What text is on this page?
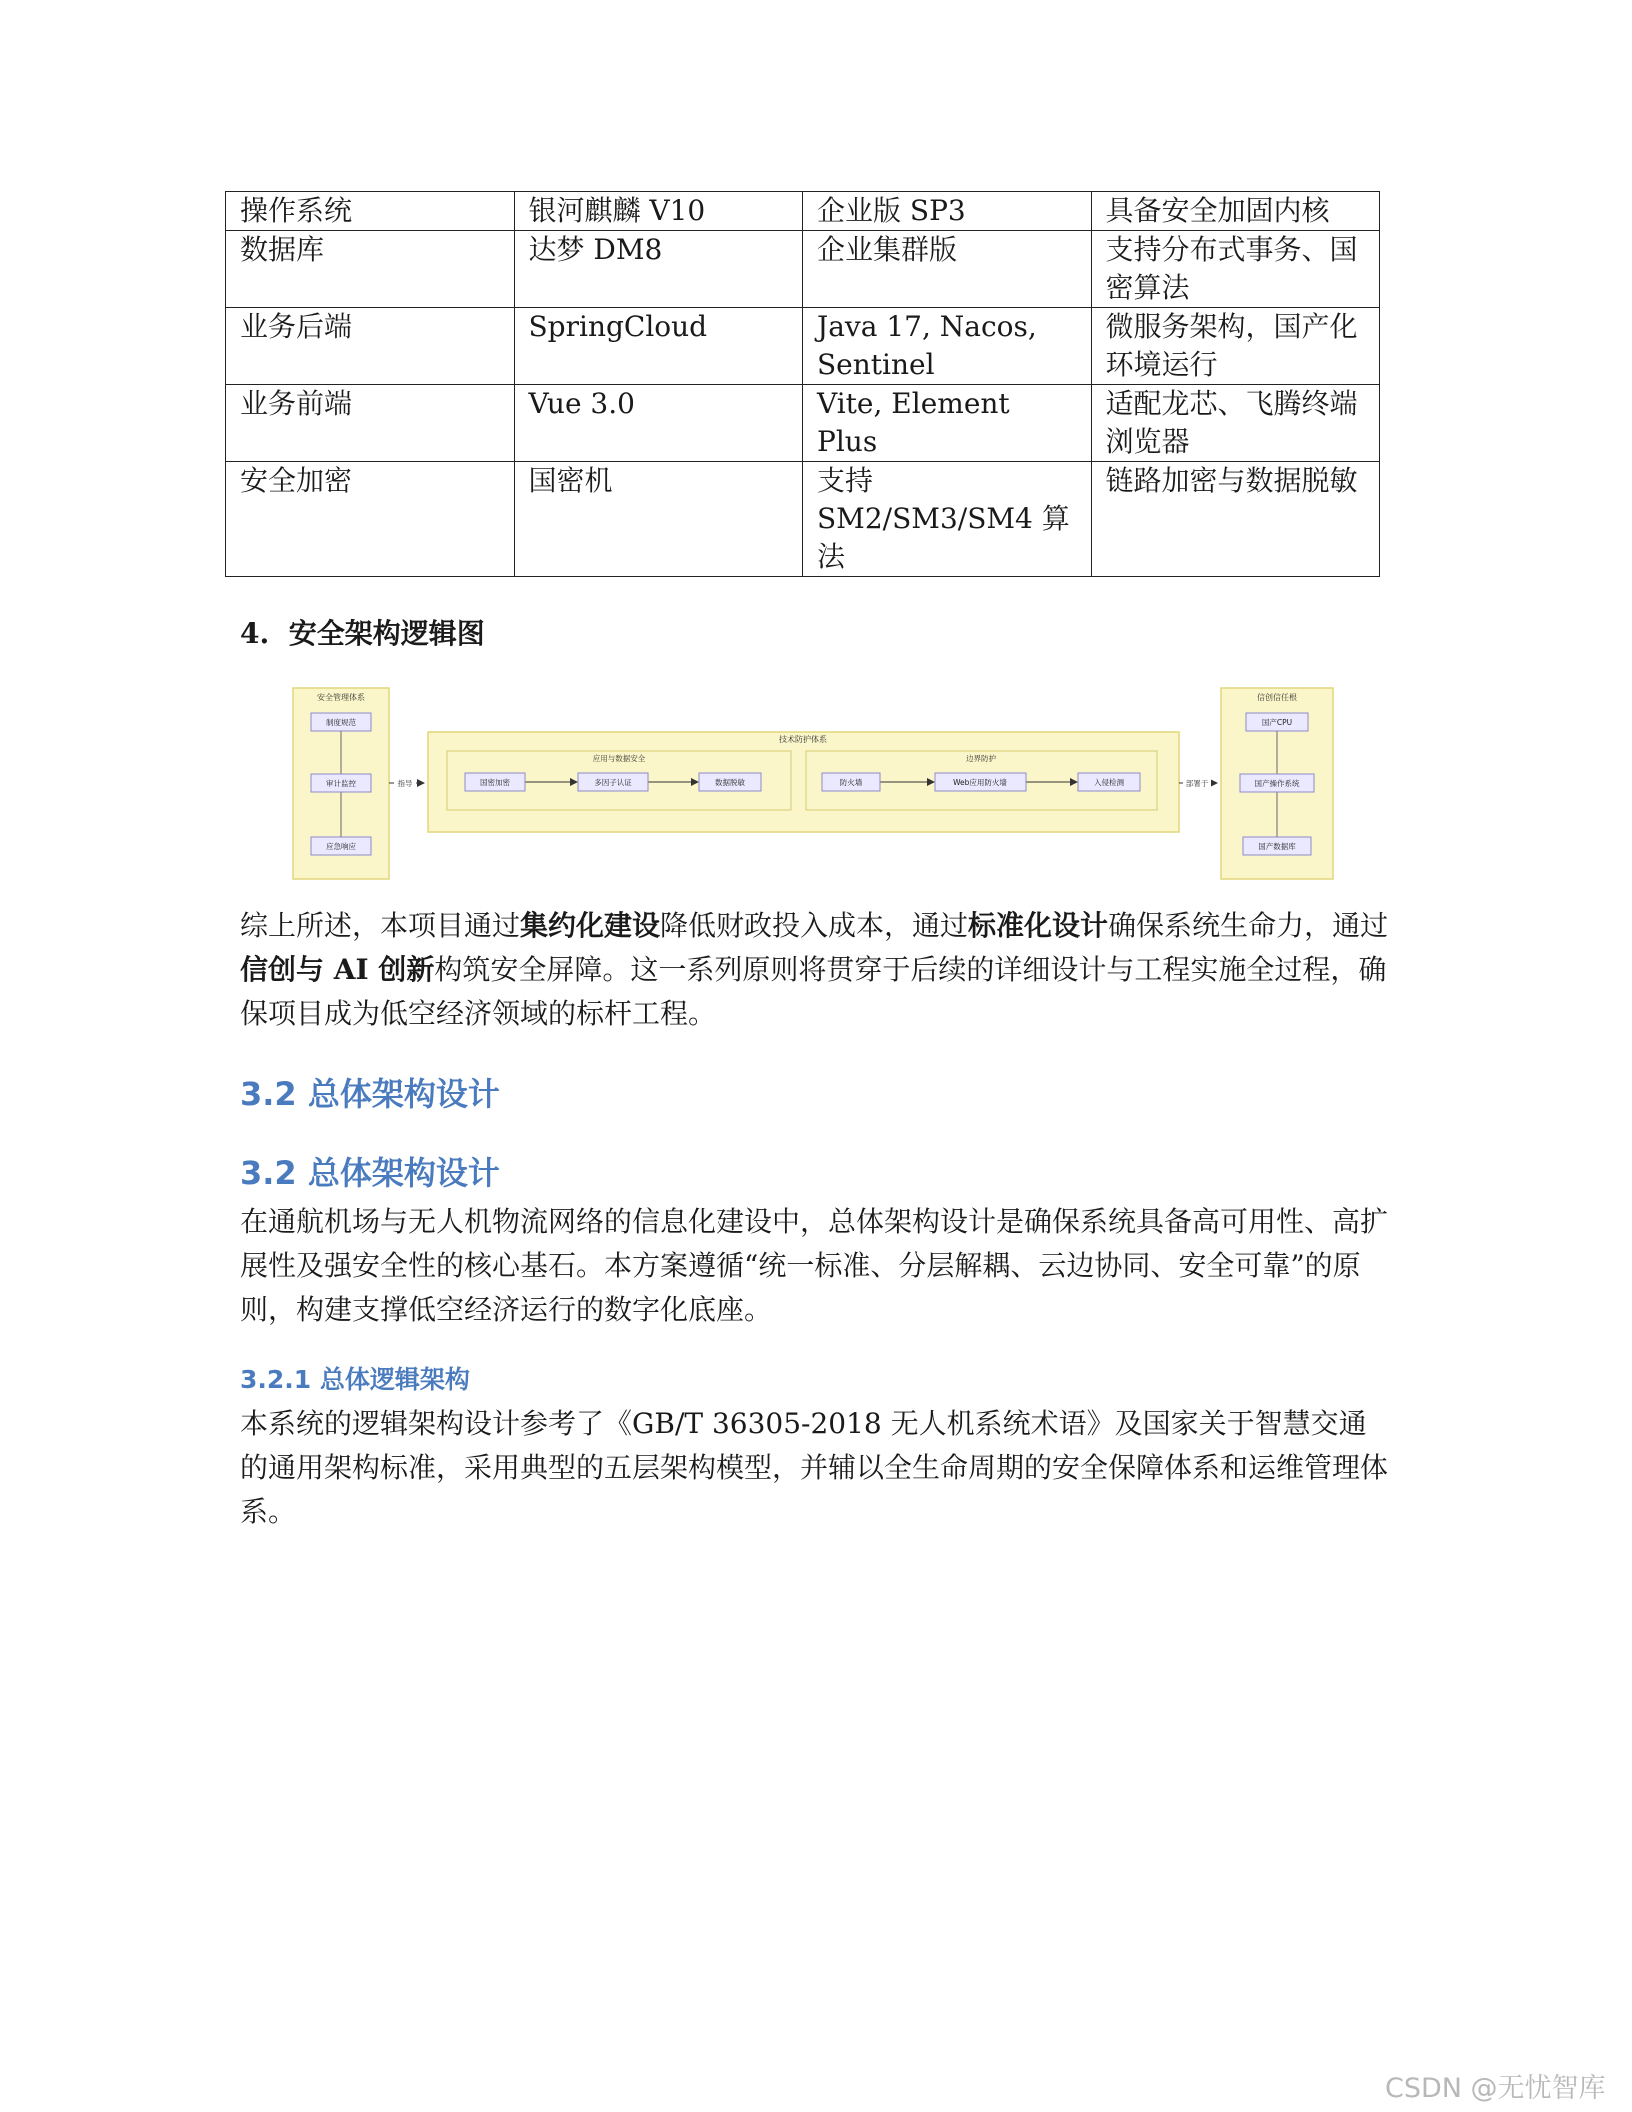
操作系统	银河麒麟 V10	企业版 SP3	具备安全加固内核
数据库	达梦 DM8	企业集群版	支持分布式事务、国密算法
业务后端	SpringCloud	Java 17, Nacos, Sentinel	微服务架构，国产化环境运行
业务前端	Vue 3.0	Vite, Element Plus	适配龙芯、飞腾终端浏览器
安全加密	国密机	支持 SM2/SM3/SM4 算法	链路加密与数据脱敏
4. 安全架构逻辑图
安全管理体系
制度规范
审计监控
应急响应
指导
技术防护体系
应用与数据安全
国密加密	多因子认证	数据脱敏
边界防护
防火墙	Web应用防火墙	入侵检测	部署于
信创信任根
国产CPU
国产操作系统
国产数据库

综上所述，本项目通过集约化建设降低财政投入成本，通过标准化设计确保系统生命力，通过信创与 AI 创新构筑安全屏障。这一系列原则将贯穿于后续的详细设计与工程实施全过程，确保项目成为低空经济领域的标杆工程。

3.2 总体架构设计
3.2 总体架构设计

在通航机场与无人机物流网络的信息化建设中，总体架构设计是确保系统具备高可用性、高扩展性及强安全性的核心基石。本方案遵循“统一标准、分层解耦、云边协同、安全可靠”的原则，构建支撑低空经济运行的数字化底座。

3.2.1 总体逻辑架构

本系统的逻辑架构设计参考了《GB/T 36305-2018 无人机系统术语》及国家关于智慧交通的通用架构标准，采用典型的五层架构模型，并辅以全生命周期的安全保障体系和运维管理体系。

CSDN @无忧智库
